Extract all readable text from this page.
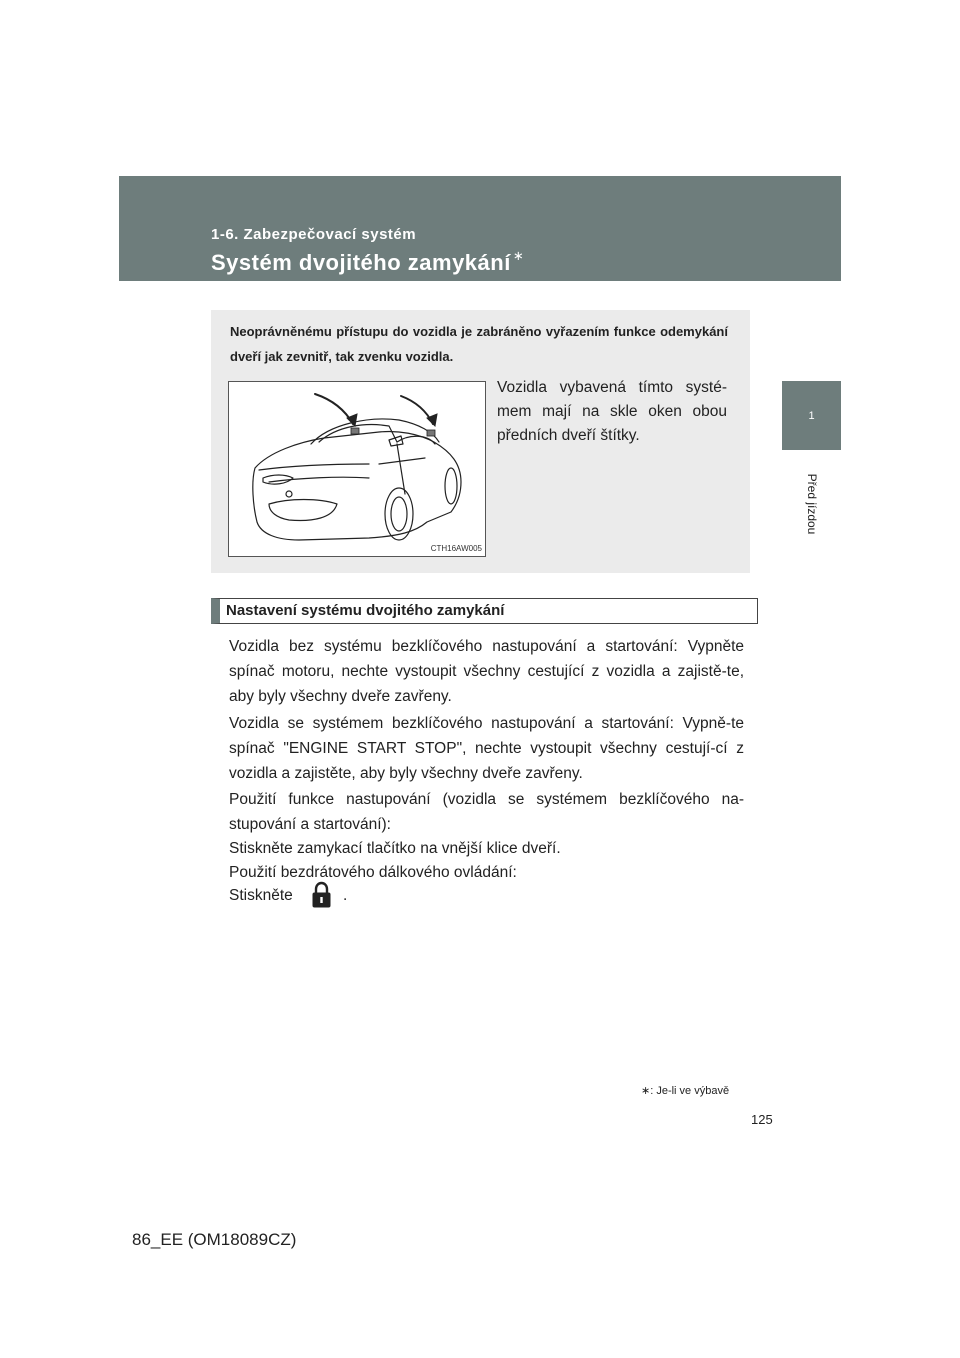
1-6. Zabezpečovací systém
Systém dvojitého zamykání ∗
1
Před jízdou
Neoprávněnému přístupu do vozidla je zabráněno vyřazením funkce odemykání dveří jak zevnitř, tak zvenku vozidla.
CTH16AW005
Vozidla vybavená tímto systé-mem mají na skle oken obou předních dveří štítky.
Nastavení systému dvojitého zamykání
Vozidla bez systému bezklíčového nastupování a startování: Vypněte spínač motoru, nechte vystoupit všechny cestující z vozidla a zajistě-te, aby byly všechny dveře zavřeny.
Vozidla se systémem bezklíčového nastupování a startování: Vypně-te spínač "ENGINE START STOP", nechte vystoupit všechny cestují-cí z vozidla a zajistěte, aby byly všechny dveře zavřeny.
Použití funkce nastupování (vozidla se systémem bezklíčového na-stupování a startování):
Stiskněte zamykací tlačítko na vnější klice dveří.
Použití bezdrátového dálkového ovládání:
Stiskněte	.
∗: Je-li ve výbavě
125
86_EE (OM18089CZ)
